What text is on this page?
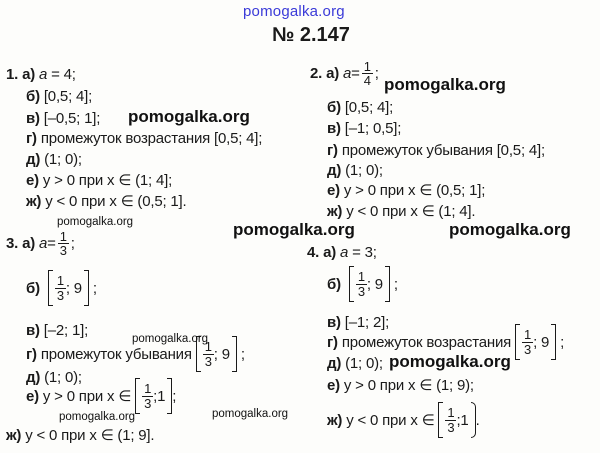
pomogalka.org
№ 2.147
1. а) a = 4;
б) [0,5; 4];
в) [–0,5; 1];
г) промежуток возрастания [0,5; 4];
д) (1; 0);
е) y > 0 при x ∈ (1; 4];
ж) y < 0 при x ∈ (0,5; 1].
2.
а)
$a = \frac{1}{4}$ ;
б) [0,5; 4];
в) [–1; 0,5];
г) промежуток убывания [0,5; 4];
д) (1; 0);
е) y > 0 при x ∈ (0,5; 1];
ж) y < 0 при x ∈ (1; 4].
3.
а)
$a = \frac{1}{3}$ ;
б)
$\frac{1}{3}$ ; 9
;
в) [–2; 1];
г)
промежуток убывания
$\frac{1}{3}$ ; 9
;
д) (1; 0);
е)
y > 0 при x ∈
$\frac{1}{3}$ ;1 ;
ж) y < 0 при x ∈ (1; 9].
4. а) a = 3;
б)
$\frac{1}{3}$ ; 9
;
в) [–1; 2];
г)
промежуток возрастания
$\frac{1}{3}$ ; 9
;
д) (1; 0);
е) y > 0 при x ∈ (1; 9);
ж)
y < 0 при x ∈
$\frac{1}{3}$ ;1 .
pomogalka.org
pomogalka.org
pomogalka.org	pomogalka.org	pomogalka.org
pomogalka.org
pomogalka.org
pomogalka.org	pomogalka.org
